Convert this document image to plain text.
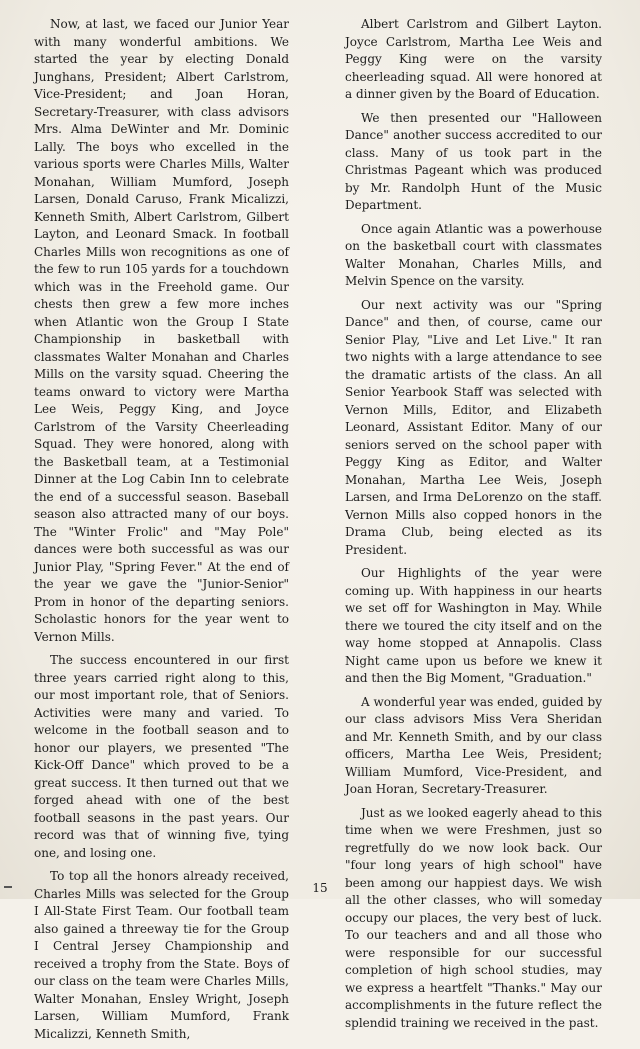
Now, at last, we faced our Junior Year with many wonderful ambitions. We started the year by electing Donald Junghans, President; Albert Carlstrom, Vice-President; and Joan Horan, Secretary-Treasurer, with class advisors Mrs. Alma DeWinter and Mr. Dominic Lally. The boys who excelled in the various sports were Charles Mills, Walter Monahan, William Mumford, Joseph Larsen, Donald Caruso, Frank Micalizzi, Kenneth Smith, Albert Carlstrom, Gilbert Layton, and Leonard Smack. In football Charles Mills won recognitions as one of the few to run 105 yards for a touchdown which was in the Freehold game. Our chests then grew a few more inches when Atlantic won the Group I State Championship in basketball with classmates Walter Monahan and Charles Mills on the varsity squad. Cheering the teams onward to victory were Martha Lee Weis, Peggy King, and Joyce Carlstrom of the Varsity Cheerleading Squad. They were honored, along with the Basketball team, at a Testimonial Dinner at the Log Cabin Inn to celebrate the end of a successful season. Baseball season also attracted many of our boys. The "Winter Frolic" and "May Pole" dances were both successful as was our Junior Play, "Spring Fever." At the end of the year we gave the "Junior-Senior" Prom in honor of the departing seniors. Scholastic honors for the year went to Vernon Mills.

The success encountered in our first three years carried right along to this, our most important role, that of Seniors. Activities were many and varied. To welcome in the football season and to honor our players, we presented "The Kick-Off Dance" which proved to be a great success. It then turned out that we forged ahead with one of the best football seasons in the past years. Our record was that of winning five, tying one, and losing one.

To top all the honors already received, Charles Mills was selected for the Group I All-State First Team. Our football team also gained a threeway tie for the Group I Central Jersey Championship and received a trophy from the State. Boys of our class on the team were Charles Mills, Walter Monahan, Ensley Wright, Joseph Larsen, William Mumford, Frank Micalizzi, Kenneth Smith,

Albert Carlstrom and Gilbert Layton. Joyce Carlstrom, Martha Lee Weis and Peggy King were on the varsity cheerleading squad. All were honored at a dinner given by the Board of Education.

We then presented our "Halloween Dance" another success accredited to our class. Many of us took part in the Christmas Pageant which was produced by Mr. Randolph Hunt of the Music Department.

Once again Atlantic was a powerhouse on the basketball court with classmates Walter Monahan, Charles Mills, and Melvin Spence on the varsity.

Our next activity was our "Spring Dance" and then, of course, came our Senior Play, "Live and Let Live." It ran two nights with a large attendance to see the dramatic artists of the class. An all Senior Yearbook Staff was selected with Vernon Mills, Editor, and Elizabeth Leonard, Assistant Editor. Many of our seniors served on the school paper with Peggy King as Editor, and Walter Monahan, Martha Lee Weis, Joseph Larsen, and Irma DeLorenzo on the staff. Vernon Mills also copped honors in the Drama Club, being elected as its President.

Our Highlights of the year were coming up. With happiness in our hearts we set off for Washington in May. While there we toured the city itself and on the way home stopped at Annapolis. Class Night came upon us before we knew it and then the Big Moment, "Graduation."

A wonderful year was ended, guided by our class advisors Miss Vera Sheridan and Mr. Kenneth Smith, and by our class officers, Martha Lee Weis, President; William Mumford, Vice-President, and Joan Horan, Secretary-Treasurer.

Just as we looked eagerly ahead to this time when we were Freshmen, just so regretfully do we now look back. Our "four long years of high school" have been among our happiest days. We wish all the other classes, who will someday occupy our places, the very best of luck. To our teachers and and all those who were responsible for our successful completion of high school studies, may we express a heartfelt "Thanks." May our accomplishments in the future reflect the splendid training we received in the past.

15
